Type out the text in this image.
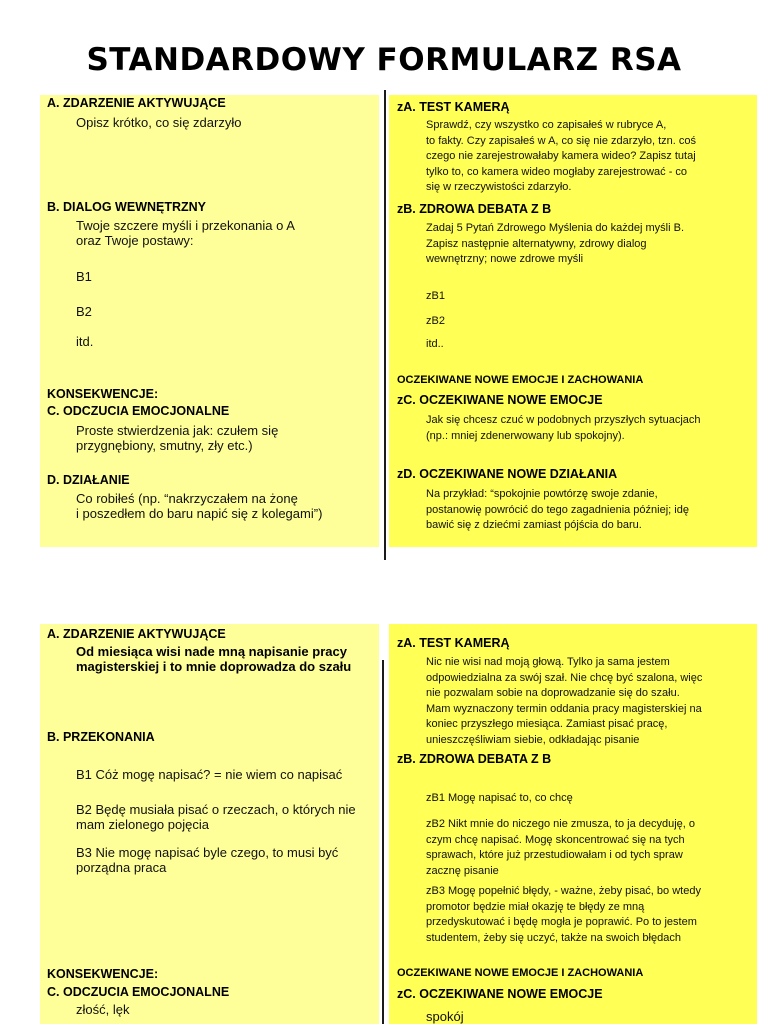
STANDARDOWY FORMULARZ RSA
A. ZDARZENIE AKTYWUJĄCE
Opisz krótko, co się zdarzyło
B. DIALOG WEWNĘTRZNY
Twoje szczere myśli i przekonania o A
oraz Twoje postawy:
B1
B2
itd.
KONSEKWENCJE:
C. ODCZUCIA EMOCJONALNE
Proste stwierdzenia jak: czułem się
przygnębiony, smutny, zły etc.)
D. DZIAŁANIE
Co robiłeś (np. “nakrzyczałem na żonę
i poszedłem do baru napić się z kolegami”)
zA. TEST KAMERĄ
Sprawdź, czy wszystko co zapisałeś w rubryce A,
to fakty. Czy zapisałeś w A, co się nie zdarzyło, tzn. coś
czego nie zarejestrowałaby kamera wideo? Zapisz tutaj
tylko to, co kamera wideo mogłaby zarejestrować - co
się w rzeczywistości zdarzyło.
zB. ZDROWA DEBATA Z B
Zadaj 5 Pytań Zdrowego Myślenia do każdej myśli B.
Zapisz następnie alternatywny, zdrowy dialog
wewnętrzny; nowe zdrowe myśli
zB1
zB2
itd..
OCZEKIWANE NOWE EMOCJE I ZACHOWANIA
zC. OCZEKIWANE NOWE EMOCJE
Jak się chcesz czuć w podobnych przyszłych sytuacjach
(np.: mniej zdenerwowany lub spokojny).
zD. OCZEKIWANE NOWE DZIAŁANIA
Na przykład: “spokojnie powtórzę swoje zdanie,
postanowię powrócić do tego zagadnienia później; idę
bawić się z dziećmi zamiast pójścia do baru.
A. ZDARZENIE AKTYWUJĄCE
Od miesiąca wisi nade mną napisanie pracy
magisterskiej i to mnie doprowadza do szału
B. PRZEKONANIA
B1 Cóż mogę napisać? = nie wiem co napisać
B2 Będę musiała pisać o rzeczach, o których nie
mam zielonego pojęcia
B3 Nie mogę napisać byle czego, to musi być
porządna praca
KONSEKWENCJE:
C. ODCZUCIA EMOCJONALNE
złość, lęk
zA. TEST KAMERĄ
Nic nie wisi nad moją głową. Tylko ja sama jestem
odpowiedzialna za swój szał. Nie chcę być szalona, więc
nie pozwalam sobie na doprowadzanie się do szału.
Mam wyznaczony termin oddania pracy magisterskiej na
koniec przyszłego miesiąca. Zamiast pisać pracę,
unieszczęśliwiam siebie, odkładając pisanie
zB. ZDROWA DEBATA Z B
zB1 Mogę napisać to, co chcę
zB2 Nikt mnie do niczego nie zmusza, to ja decyduję, o
czym chcę napisać. Mogę skoncentrować się na tych
sprawach, które już przestudiowałam i od tych spraw
zacznę pisanie
zB3 Mogę popełnić błędy, - ważne, żeby pisać, bo wtedy
promotor będzie miał okazję te błędy ze mną
przedyskutować i będę mogła je poprawić. Po to jestem
studentem, żeby się uczyć, także na swoich błędach
OCZEKIWANE NOWE EMOCJE I ZACHOWANIA
zC. OCZEKIWANE NOWE EMOCJE
spokój
